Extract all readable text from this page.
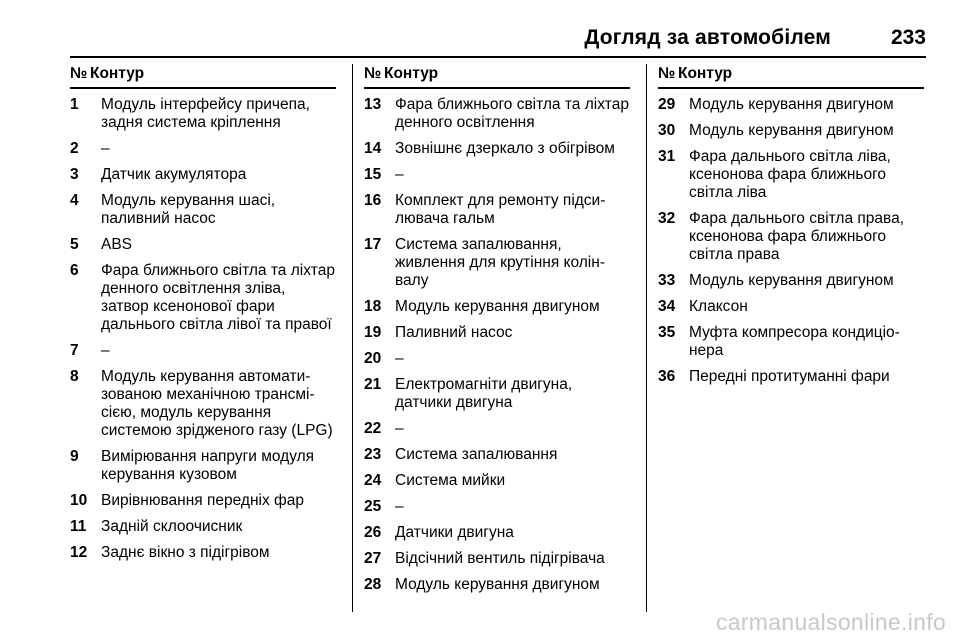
Догляд за автомобілем	233
№ Контур
1	Модуль інтерфейсу причепа, задня система кріплення
2	–
3	Датчик акумулятора
4	Модуль керування шасі, паливний насос
5	ABS
6	Фара ближнього світла та ліхтар денного освітлення зліва, затвор ксенонової фари дальнього світла лівої та правої
7	–
8	Модуль керування автоматизованою механічною трансмісією, модуль керування системою зрідженого газу (LPG)
9	Вимірювання напруги модуля керування кузовом
10 Вирівнювання передніх фар
11 Задній склоочисник
12 Заднє вікно з підігрівом
№ Контур
13 Фара ближнього світла та ліхтар денного освітлення
14 Зовнішнє дзеркало з обігрівом
15 –
16 Комплект для ремонту підсилювача гальм
17 Система запалювання, живлення для крутіння колінвалу
18 Модуль керування двигуном
19 Паливний насос
20 –
21 Електромагніти двигуна, датчики двигуна
22 –
23 Система запалювання
24 Система мийки
25 –
26 Датчики двигуна
27 Відсічний вентиль підігрівача
28 Модуль керування двигуном
№ Контур
29 Модуль керування двигуном
30 Модуль керування двигуном
31 Фара дальнього світла ліва, ксенонова фара ближнього світла ліва
32 Фара дальнього світла права, ксенонова фара ближнього світла права
33 Модуль керування двигуном
34 Клаксон
35 Муфта компресора кондиціонера
36 Передні протитуманні фари
carmanualsonline.info
